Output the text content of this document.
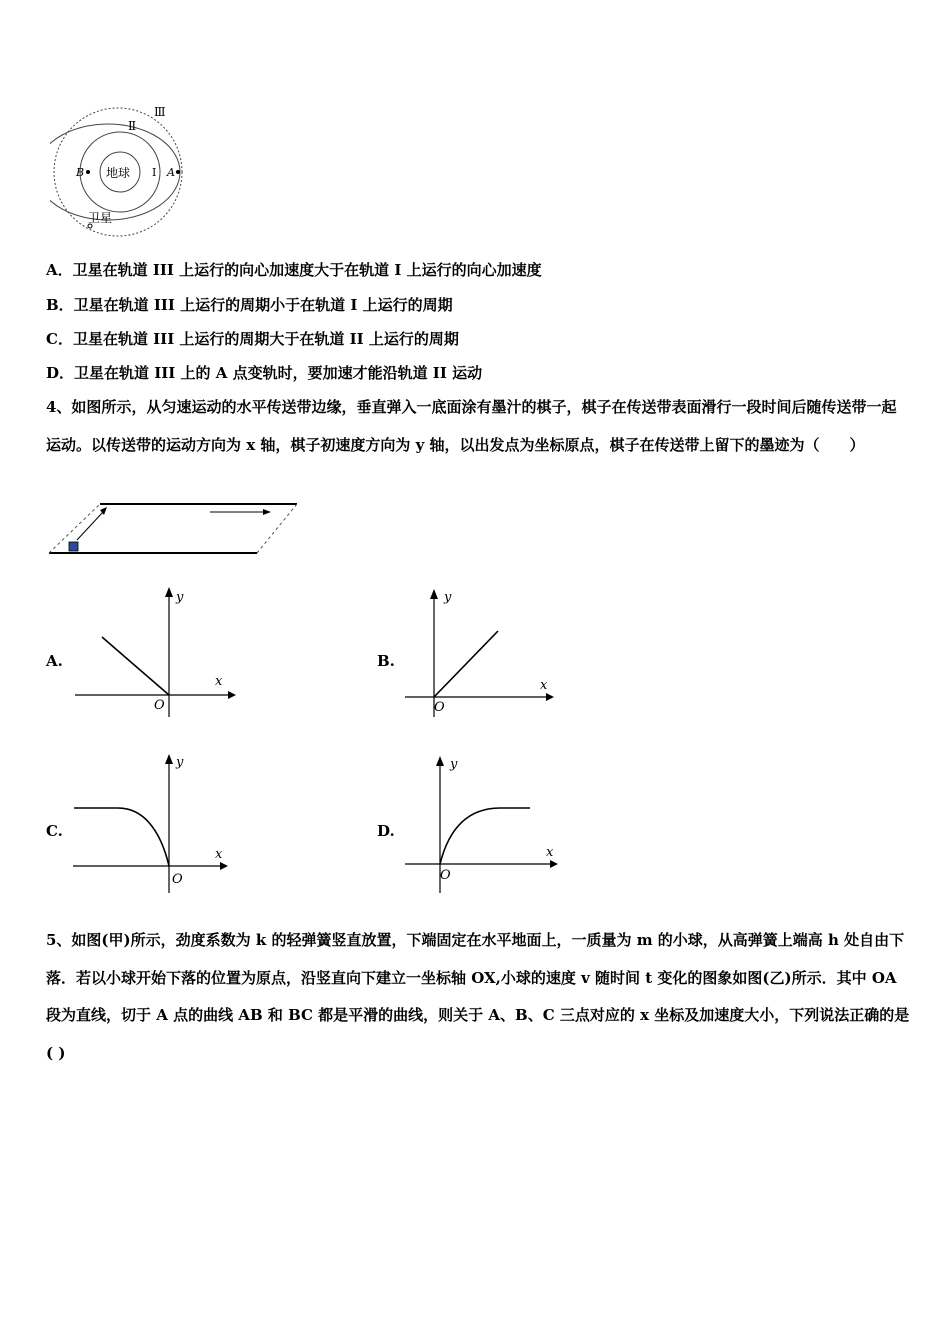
地球
B	A
Ⅰ
Ⅱ
Ⅲ
卫星
A．卫星在轨道 III 上运行的向心加速度大于在轨道 I 上运行的向心加速度
B．卫星在轨道 III 上运行的周期小于在轨道 I 上运行的周期
C．卫星在轨道 III 上运行的周期大于在轨道 II 上运行的周期
D．卫星在轨道 III 上的 A 点变轨时，要加速才能沿轨道 II 运动
4、如图所示，从匀速运动的水平传送带边缘，垂直弹入一底面涂有墨汁的棋子，棋子在传送带表面滑行一段时间后随传送带一起运动。以传送带的运动方向为 x 轴，棋子初速度方向为 y 轴，以出发点为坐标原点，棋子在传送带上留下的墨迹为（　　）
A.	B.
C.	D.
x
y
O
x
y
O
x
y
O
x
y
O
5、如图(甲)所示，劲度系数为 k 的轻弹簧竖直放置，下端固定在水平地面上，一质量为 m 的小球，从高弹簧上端高 h 处自由下落．若以小球开始下落的位置为原点，沿竖直向下建立一坐标轴 OX,小球的速度 v 随时间 t 变化的图象如图(乙)所示．其中 OA 段为直线，切于 A 点的曲线 AB 和 BC 都是平滑的曲线，则关于 A、B、C 三点对应的 x 坐标及加速度大小，下列说法正确的是( )
